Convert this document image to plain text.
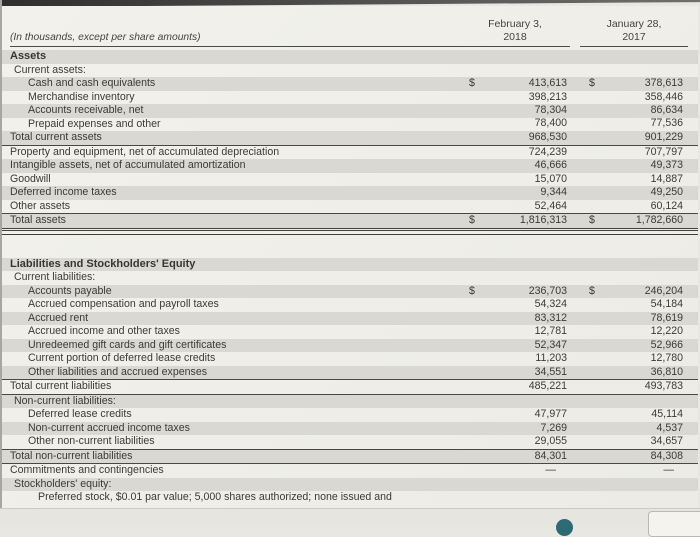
(In thousands, except per share amounts)
February 3,
2018
January 28,
2017
Assets
Current assets:
Cash and cash equivalents	$	413,613	$	378,613
Merchandise inventory	398,213	358,446
Accounts receivable, net	78,304	86,634
Prepaid expenses and other	78,400	77,536
Total current assets	968,530	901,229
Property and equipment, net of accumulated depreciation	724,239	707,797
Intangible assets, net of accumulated amortization	46,666	49,373
Goodwill	15,070	14,887
Deferred income taxes	9,344	49,250
Other assets	52,464	60,124
Total assets	$	1,816,313	$	1,782,660
Liabilities and Stockholders' Equity
Current liabilities:
Accounts payable	$	236,703	$	246,204
Accrued compensation and payroll taxes	54,324	54,184
Accrued rent	83,312	78,619
Accrued income and other taxes	12,781	12,220
Unredeemed gift cards and gift certificates	52,347	52,966
Current portion of deferred lease credits	11,203	12,780
Other liabilities and accrued expenses	34,551	36,810
Total current liabilities	485,221	493,783
Non-current liabilities:
Deferred lease credits	47,977	45,114
Non-current accrued income taxes	7,269	4,537
Other non-current liabilities	29,055	34,657
Total non-current liabilities	84,301	84,308
Commitments and contingencies	—	—
Stockholders' equity:
Preferred stock, $0.01 par value; 5,000 shares authorized; none issued and
